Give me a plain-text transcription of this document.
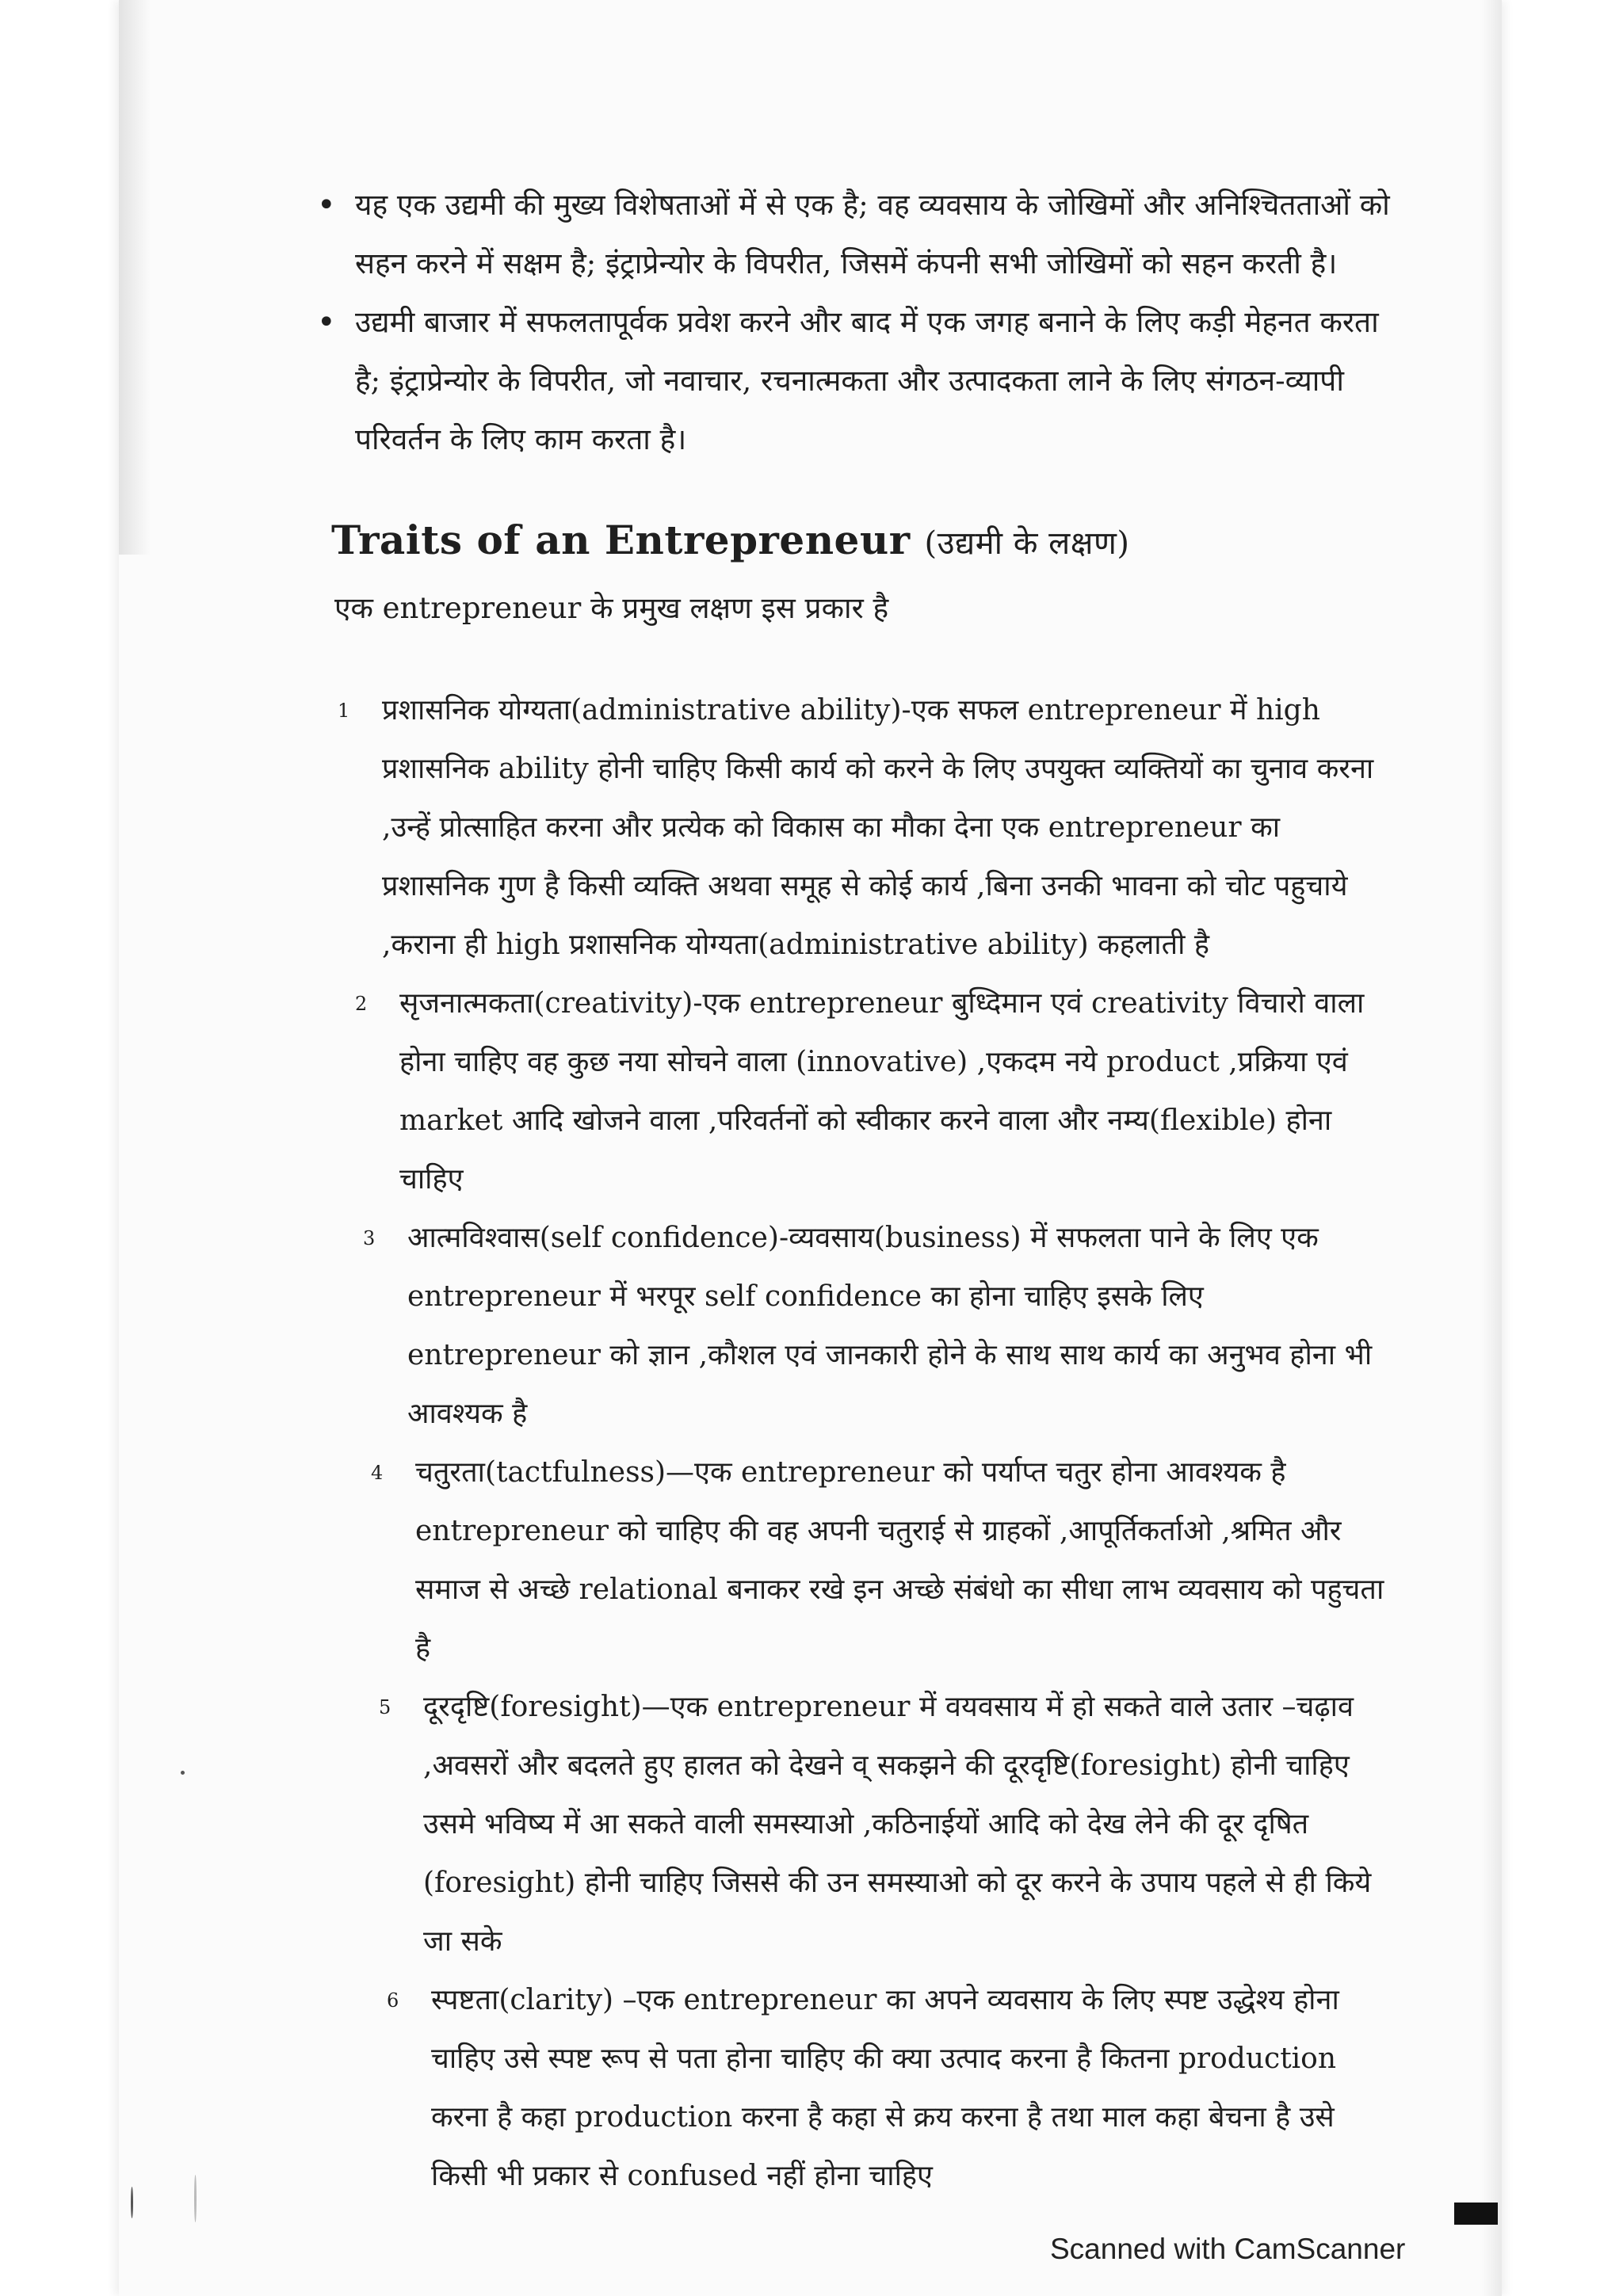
• यह एक उद्यमी की मुख्य विशेषताओं में से एक है; वह व्यवसाय के जोखिमों और अनिश्चितताओं को सहन करने में सक्षम है; इंट्राप्रेन्योर के विपरीत, जिसमें कंपनी सभी जोखिमों को सहन करती है।
• उद्यमी बाजार में सफलतापूर्वक प्रवेश करने और बाद में एक जगह बनाने के लिए कड़ी मेहनत करता है; इंट्राप्रेन्योर के विपरीत, जो नवाचार, रचनात्मकता और उत्पादकता लाने के लिए संगठन-व्यापी परिवर्तन के लिए काम करता है।
Traits of an Entrepreneur (उद्यमी के लक्षण)
एक entrepreneur के प्रमुख लक्षण इस प्रकार है
1 प्रशासनिक योग्यता(administrative ability)-एक सफल entrepreneur में high प्रशासनिक ability होनी चाहिए किसी कार्य को करने के लिए उपयुक्त व्यक्तियों का चुनाव करना ,उन्हें प्रोत्साहित करना और प्रत्येक को विकास का मौका देना एक entrepreneur का प्रशासनिक गुण है किसी व्यक्ति अथवा समूह से कोई कार्य ,बिना उनकी भावना को चोट पहुचाये ,कराना ही high प्रशासनिक योग्यता(administrative ability) कहलाती है
2 सृजनात्मकता(creativity)-एक entrepreneur बुध्दिमान एवं creativity विचारो वाला होना चाहिए वह कुछ नया सोचने वाला (innovative) ,एकदम नये product ,प्रक्रिया एवं market आदि खोजने वाला ,परिवर्तनों को स्वीकार करने वाला और नम्य(flexible) होना चाहिए
3 आत्मविश्वास(self confidence)-व्यवसाय(business) में सफलता पाने के लिए एक entrepreneur में भरपूर self confidence का होना चाहिए इसके लिए entrepreneur को ज्ञान ,कौशल एवं जानकारी होने के साथ साथ कार्य का अनुभव होना भी आवश्यक है
4 चतुरता(tactfulness)—एक entrepreneur को पर्याप्त चतुर होना आवश्यक है entrepreneur को चाहिए की वह अपनी चतुराई से ग्राहकों ,आपूर्तिकर्ताओ ,श्रमित और समाज से अच्छे relational बनाकर रखे इन अच्छे संबंधो का सीधा लाभ व्यवसाय को पहुचता है
5 दूरदृष्टि(foresight)—एक entrepreneur में वयवसाय में हो सकते वाले उतार –चढ़ाव ,अवसरों और बदलते हुए हालत को देखने व् सकझने की दूरदृष्टि(foresight) होनी चाहिए उसमे भविष्य में आ सकते वाली समस्याओ ,कठिनाईयों आदि को देख लेने की दूर दृषित (foresight) होनी चाहिए जिससे की उन समस्याओ को दूर करने के उपाय पहले से ही किये जा सके
6 स्पष्टता(clarity) –एक entrepreneur का अपने व्यवसाय के लिए स्पष्ट उद्धेश्य होना चाहिए उसे स्पष्ट रूप से पता होना चाहिए की क्या उत्पाद करना है कितना production करना है कहा production करना है कहा से क्रय करना है तथा माल कहा बेचना है उसे किसी भी प्रकार से confused नहीं होना चाहिए
Scanned with CamScanner
